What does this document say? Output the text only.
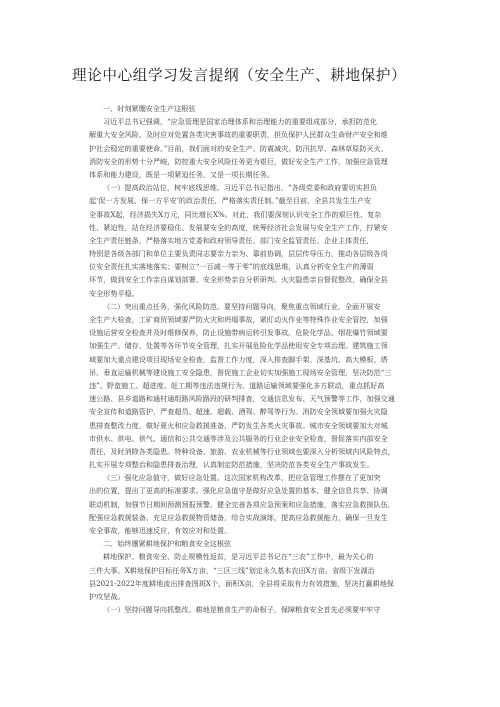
理论中心组学习发言提纲（安全生产、耕地保护）
一、时刻紧绷安全生产这根弦
习近平总书记强调，“应急管理是国家治理体系和治理能力的重要组成部分，承担防范化
解重大安全风险、及时应对处置各类灾害事故的重要职责，担负保护人民群众生命财产安全和维
护社会稳定的重要使命。”目前，我们面对的安全生产、防震减灾、防汛抗旱、森林草原防灭火、
消防安全的形势十分严峻，防控重大安全风险任务更为艰巨，做好安全生产工作，加强应急管理
体系和能力建设，既是一项紧迫任务，又是一项长期任务。
（一）提高政治站位，树牢底线思维。习近平总书记指出，“各级党委和政府要切实担负
起‘促一方发展、保一方平安’的政治责任，严格落实责任制。”截至目前，全县共发生生产安
全事故X起，经济损失X万元，同比增长X%。对此，我们要深刻认识安全工作的艰巨性、复杂
性、紧迫性，站在经济要稳住、发展要安全的高度，统筹经济社会发展与安全生产工作，拧紧安
全生产责任链条，严格落实地方党委和政府领导责任、部门安全监管责任、企业主体责任，
特别是各级各部门和单位主要负责同志要亲力亲为、靠前协调，层层传导压力，推动各层级各岗
位安全责任扎实落地落实；要树立“一百减一等于零”的底线思维，认真分析安全生产的薄弱
环节，做到安全工作亲自谋划部署、安全形势亲自分析研判、火灾隐患亲自督促整改，确保全县
安全形势平稳。
（二）突出重点任务，强化风险防范。要坚持问题导向，聚焦重点领域行业，全面开展安
全生产大检查，工矿商贸领域要严防火灾和坍塌事故，紧盯动火作业等特殊作业安全管控，加强
设施运营安全检查并及时维修保养，防止设施带病运转引发事故。危险化学品、烟花爆竹领域要
加强生产、储存、处置等各环节安全管理，扎实开展危险化学品使用安全专项治理。建筑施工领
域要加大重点建设项目现场安全检查，监督工作力度，深入排查脚手架、深基坑、高大模板、塔
吊、垂直运输机械等建设施工安全隐患，督促施工企业切实加强施工现场安全管理，坚决防范“三
违”、野蛮施工、超进度、赶工期等违法违规行为。道路运输领域要强化多方联动，重点抓好高
速公路、县乡道路和通村通组路风险路段的研判排查，交通信息发布、天气预警等工作，加强交通
安全宣传和道路管护，严查超员、超速、超载、酒驾、醉驾等行为。消防安全领域要加强火灾隐
患排查整改力度，做好夏火和应急救援准备，严防发生各类火灾事故。城市安全领域要加大对城
市供水、供电、供气、通信和公共交通等涉及公共服务的行业企业安全检查，督促落实内部安全
责任，及时消除各类隐患。特种设备、旅游、农业机械等行业领域也要深入分析领域内风险特点，
扎实开展专项整治和隐患排查治理，认真制定防范措施，坚决防范各类安全生产事故发生。
（三）强化应急值守，做好应急处置。这次国家机构改革，把应急管理工作摆在了更加突
出的位置，提出了更高的标准要求。强化应急值守是做好应急处置的基本，健全信息共享、协调
联动机制，加强节日期间预测预报预警。健全完善各项应急预案和应急措施，落实应急救援队伍，
配强应急救援装备、充足应急救援物资储备，综合实战演练，提高应急救援能力，确保一旦发生
安全事故，能够迅速反应，有效应对和处置。
二、始终绷紧耕地保护和粮食安全这根弦
耕地保护、粮食安全、防止规模性返贫，是习近平总书记在“三农”工作中，最为关心的
三件大事。X耕地保护目标任务X万亩，“三区三线”划定永久基本农田X万亩。省级下发湖治
县2021-2022年度耕地流出排查图斑X个，面积X亩，全县将采取有力有效措施，坚决打赢耕地保
护攻坚战。
（一）坚持问题导向抓整改。耕地是粮食生产的命根子，保障粮食安全首先必须要牢牢守
